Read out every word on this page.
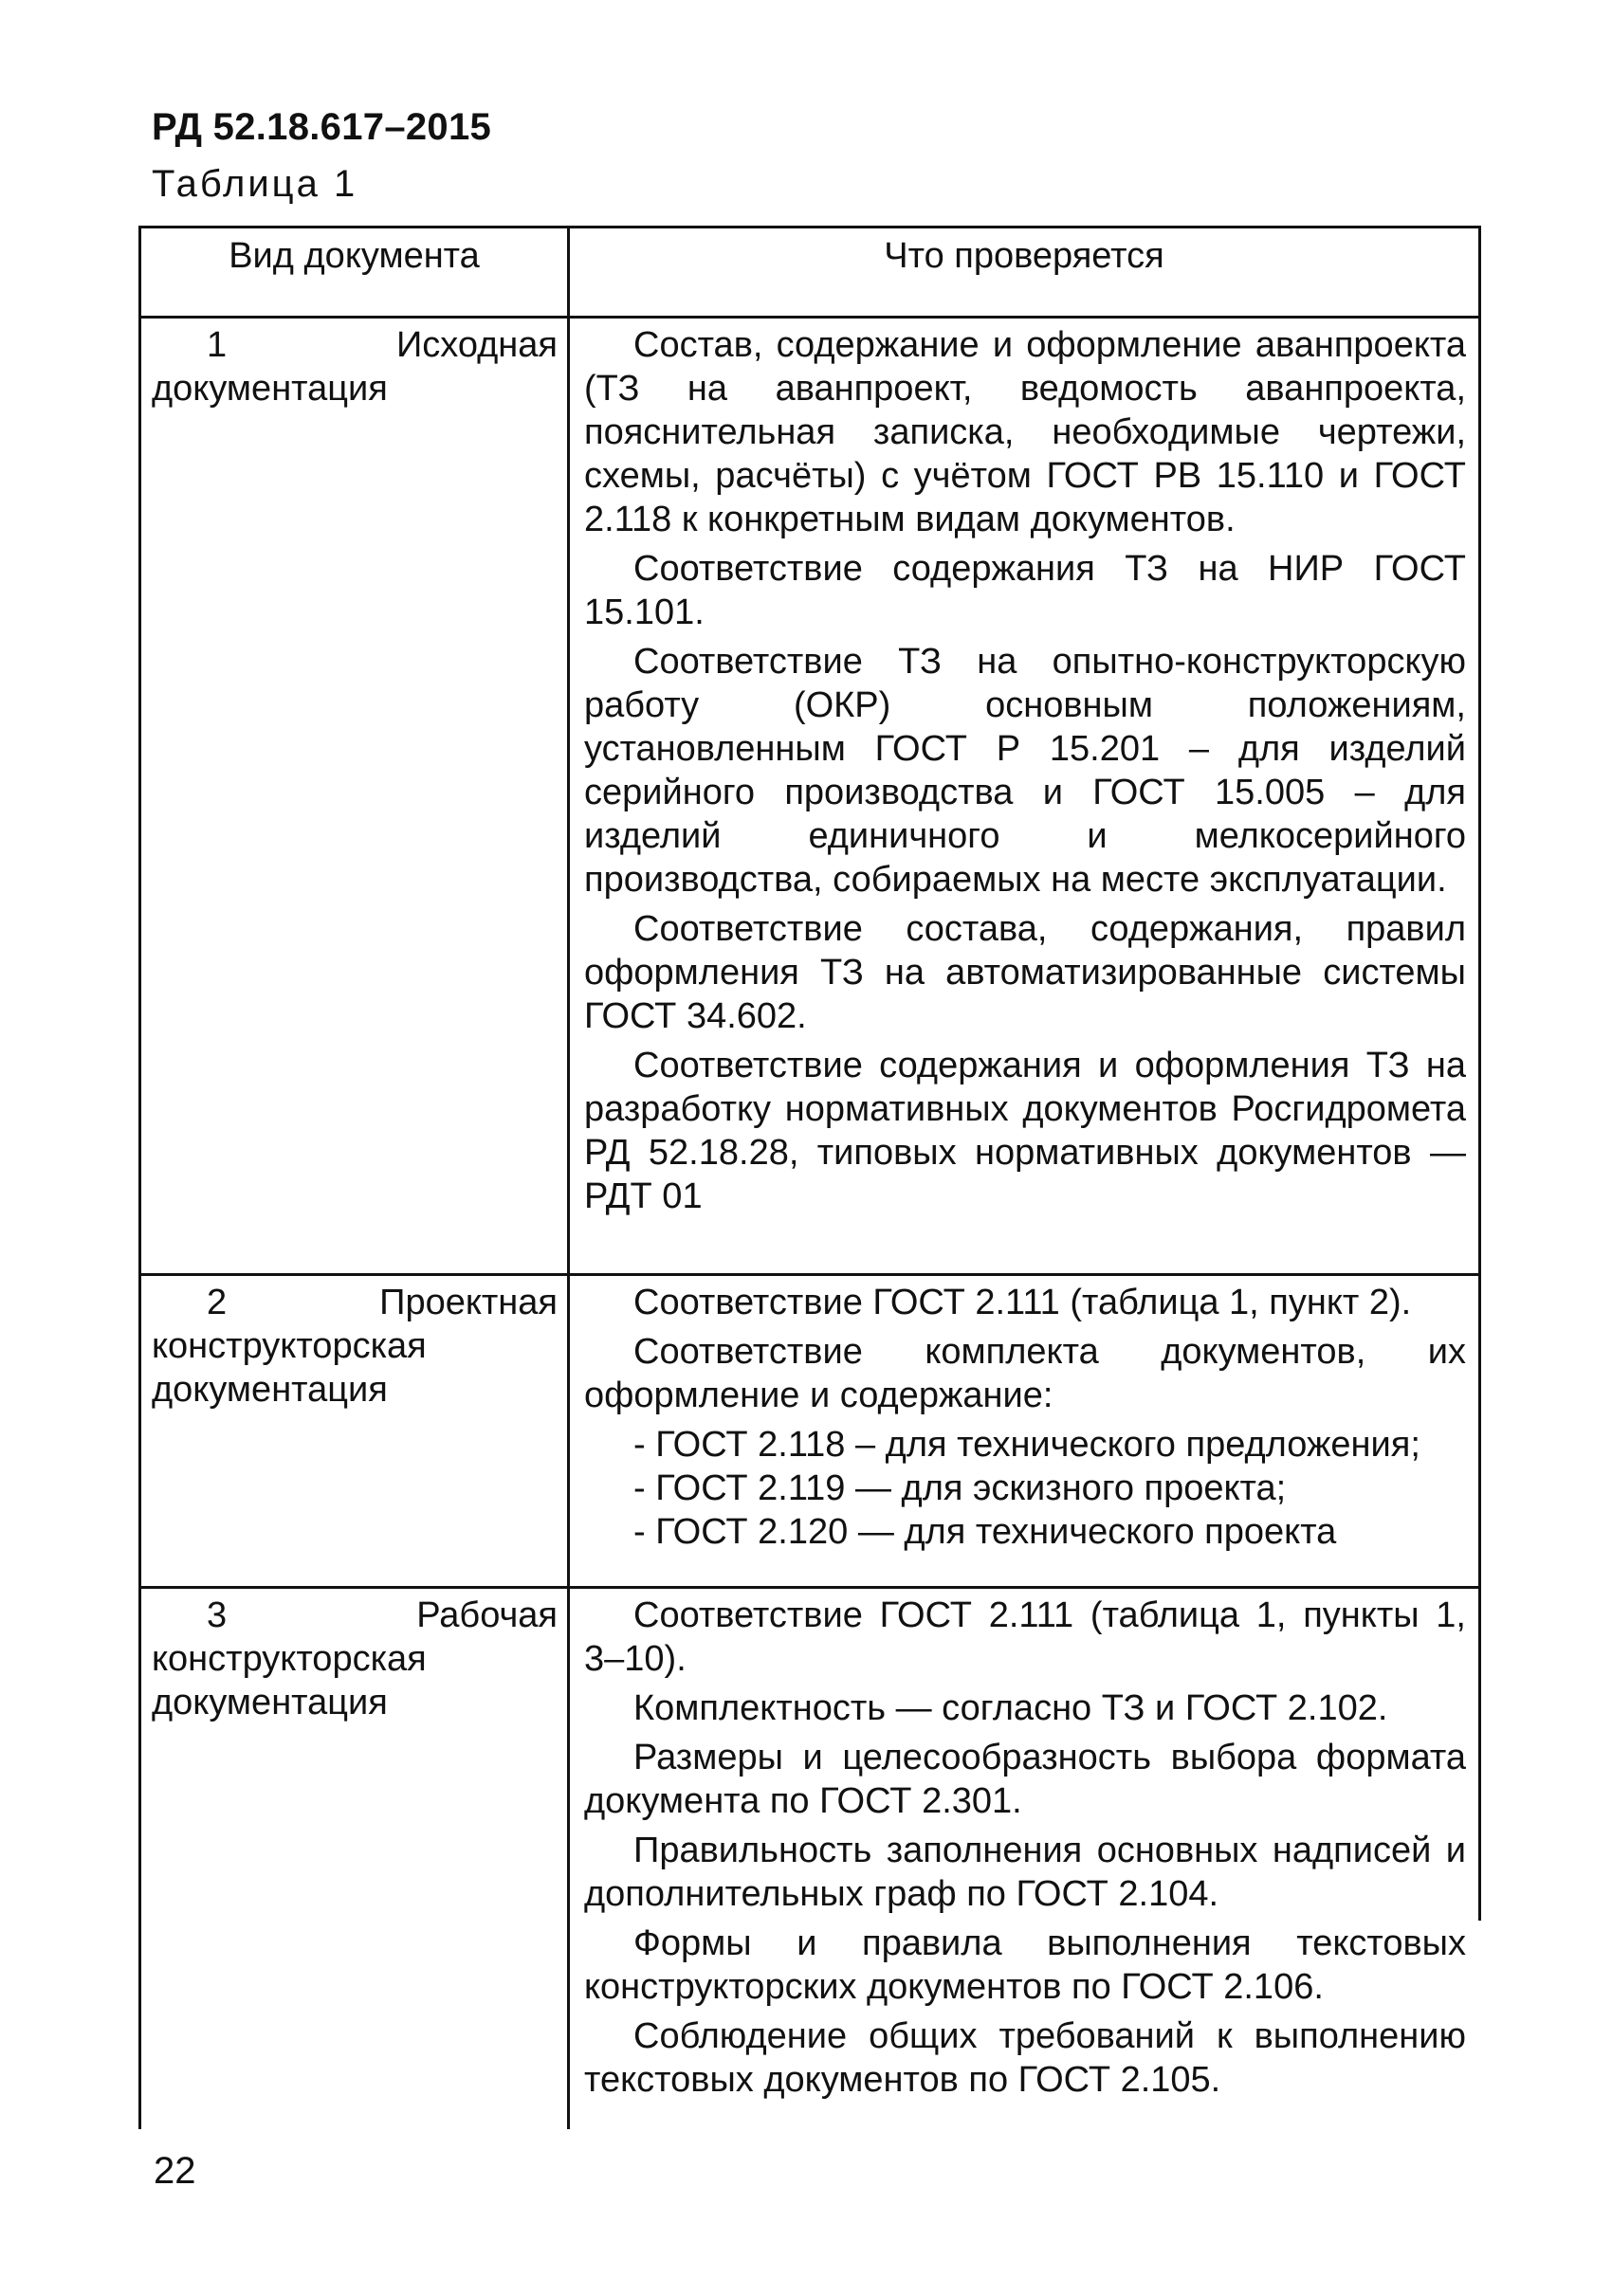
РД 52.18.617–2015
Таблица 1
Вид документа	Что проверяется

1 Исходная документация

Состав, содержание и оформление аванпроекта (ТЗ на аванпроект, ведомость аванпроекта, пояснительная записка, необходимые чертежи, схемы, расчёты) с учётом ГОСТ РВ 15.110 и ГОСТ 2.118 к конкретным видам документов.

Соответствие содержания ТЗ на НИР ГОСТ 15.101.

Соответствие ТЗ на опытно-конструкторскую работу (ОКР) основным положениям, установленным ГОСТ Р 15.201 – для изделий серийного производства и ГОСТ 15.005 – для изделий единичного и мелкосерийного производства, собираемых на месте эксплуатации.

Соответствие состава, содержания, правил оформления ТЗ на автоматизированные системы ГОСТ 34.602.

Соответствие содержания и оформления ТЗ на разработку нормативных документов Росгидромета РД 52.18.28, типовых нормативных документов — РДТ 01

2 Проектная конструкторская документация

Соответствие ГОСТ 2.111 (таблица 1, пункт 2).

Соответствие комплекта документов, их оформление и содержание:

- ГОСТ 2.118 – для технического предложения;

- ГОСТ 2.119 — для эскизного проекта;

- ГОСТ 2.120 — для технического проекта

3 Рабочая конструкторская документация

Соответствие ГОСТ 2.111 (таблица 1, пункты 1, 3–10).

Комплектность — согласно ТЗ и ГОСТ 2.102.

Размеры и целесообразность выбора формата документа по ГОСТ 2.301.

Правильность заполнения основных надписей и дополнительных граф по ГОСТ 2.104.

Формы и правила выполнения текстовых конструкторских документов по ГОСТ 2.106.

Соблюдение общих требований к выполнению текстовых документов по ГОСТ 2.105.

22
